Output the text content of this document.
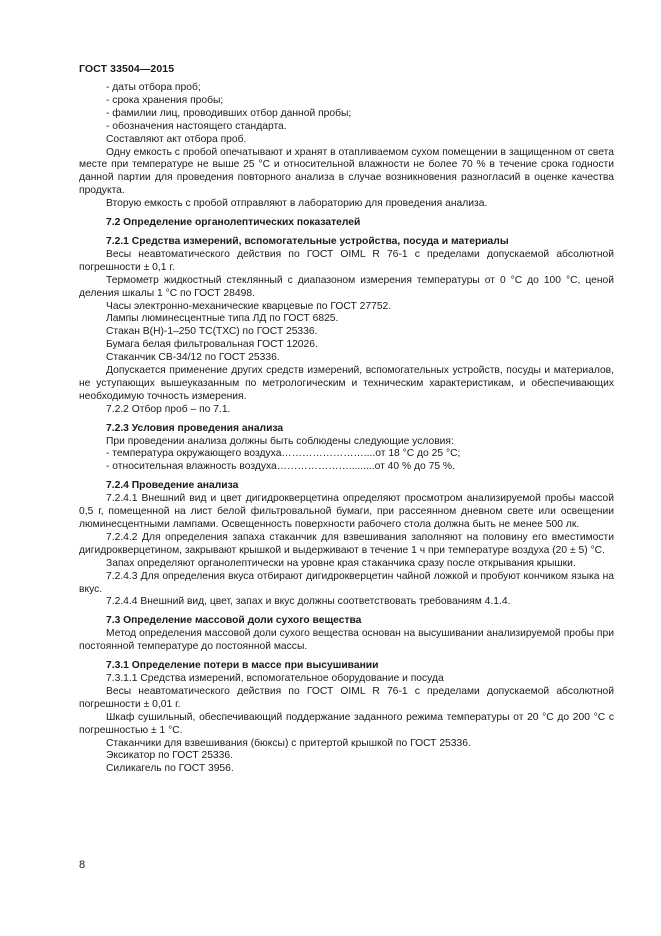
ГОСТ 33504—2015
- даты отбора проб;
- срока хранения пробы;
- фамилии лиц, проводивших отбор данной пробы;
- обозначения настоящего стандарта.
Составляют акт отбора проб.
Одну емкость с пробой опечатывают и хранят в отапливаемом сухом помещении в защищенном от света месте при температуре не выше 25 °С и относительной влажности не более 70 % в течение срока годности данной партии для проведения повторного анализа в случае возникновения разногласий в оценке качества продукта.
Вторую емкость с пробой отправляют в лабораторию для проведения анализа.
7.2 Определение органолептических показателей
7.2.1 Средства измерений, вспомогательные устройства, посуда и материалы
Весы неавтоматического действия по ГОСТ OIML R 76-1 с пределами допускаемой абсолютной погрешности ± 0,1 г.
Термометр жидкостный стеклянный с диапазоном измерения температуры от 0 °С до 100 °С, ценой деления шкалы 1 °С по ГОСТ 28498.
Часы электронно-механические кварцевые по ГОСТ 27752.
Лампы люминесцентные типа ЛД по ГОСТ 6825.
Стакан В(Н)-1–250 ТС(ТХС) по ГОСТ 25336.
Бумага белая фильтровальная ГОСТ 12026.
Стаканчик СВ-34/12 по ГОСТ 25336.
Допускается применение других средств измерений, вспомогательных устройств, посуды и материалов, не уступающих вышеуказанным по метрологическим и техническим характеристикам, и обеспечивающих необходимую точность измерения.
7.2.2 Отбор проб – по 7.1.
7.2.3 Условия проведения анализа
При проведении анализа должны быть соблюдены следующие условия:
- температура окружающего воздуха……………………....от 18 °С до 25 °С;
- относительная влажность воздуха………………….........от 40 % до 75 %.
7.2.4 Проведение анализа
7.2.4.1 Внешний вид и цвет дигидрокверцетина определяют просмотром анализируемой пробы массой 0,5 г, помещенной на лист белой фильтровальной бумаги, при рассеянном дневном свете или освещении люминесцентными лампами. Освещенность поверхности рабочего стола должна быть не менее 500 лк.
7.2.4.2 Для определения запаха стаканчик для взвешивания заполняют на половину его вместимости дигидрокверцетином, закрывают крышкой и выдерживают в течение 1 ч при температуре воздуха (20 ± 5) °С.
Запах определяют органолептически на уровне края стаканчика сразу после открывания крышки.
7.2.4.3 Для определения вкуса отбирают дигидрокверцетин чайной ложкой и пробуют кончиком языка на вкус.
7.2.4.4 Внешний вид, цвет, запах и вкус должны соответствовать требованиям 4.1.4.
7.3 Определение массовой доли сухого вещества
Метод определения массовой доли сухого вещества основан на высушивании анализируемой пробы при постоянной температуре до постоянной массы.
7.3.1 Определение потери в массе при высушивании
7.3.1.1 Средства измерений, вспомогательное оборудование и посуда
Весы неавтоматического действия по ГОСТ OIML R 76-1 с пределами допускаемой абсолютной погрешности ± 0,01 г.
Шкаф сушильный, обеспечивающий поддержание заданного режима температуры от 20 °С до 200 °С с погрешностью ± 1 °С.
Стаканчики для взвешивания (бюксы) с притертой крышкой по ГОСТ 25336.
Эксикатор по ГОСТ 25336.
Силикагель по ГОСТ 3956.
8
